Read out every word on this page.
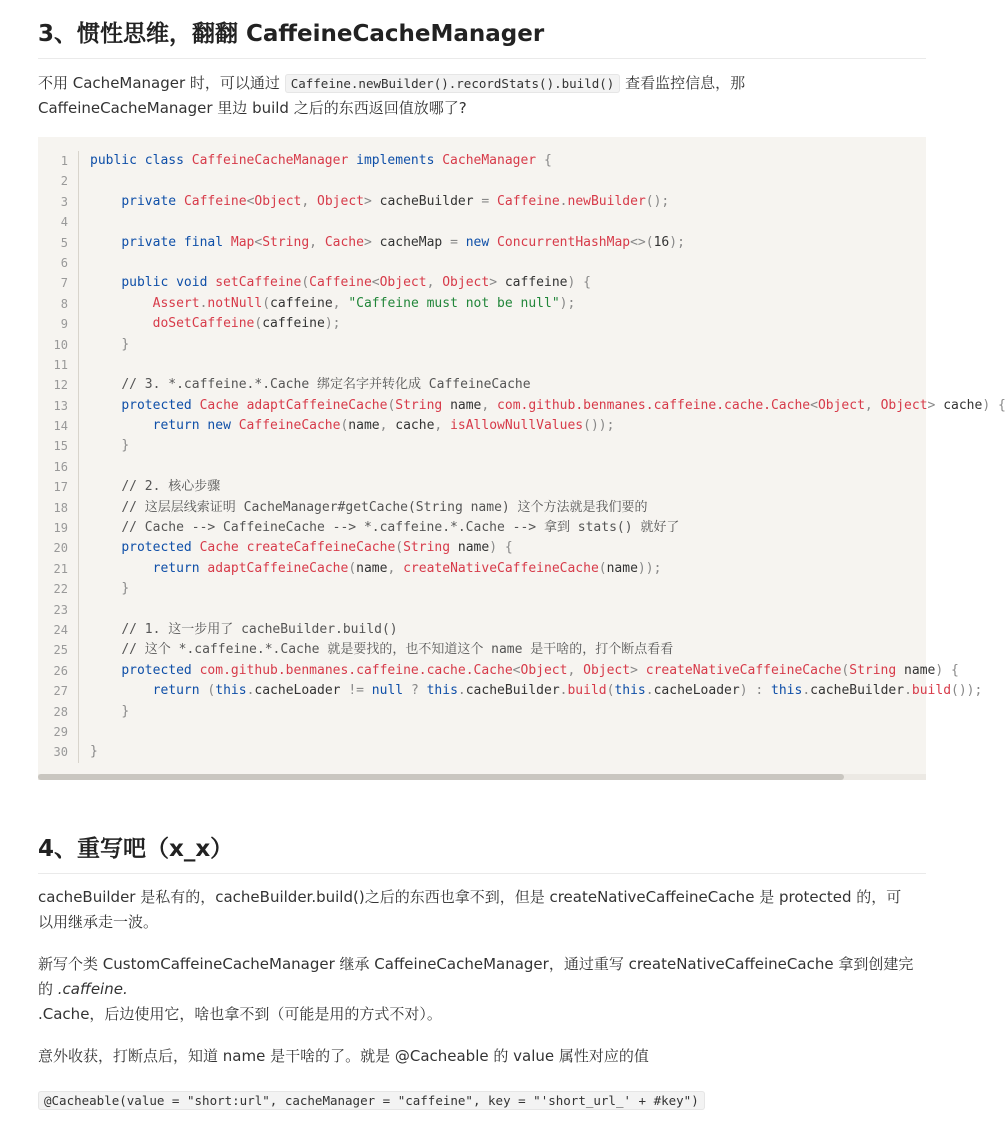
3、惯性思维，翻翻 CaffeineCacheManager

不用 CacheManager 时，可以通过 Caffeine.newBuilder().recordStats().build() 查看监控信息，那
CaffeineCacheManager 里边 build 之后的东西返回值放哪了?

1
2
3
4
5
6
7
8
9
10
11
12
13
14
15
16
17
18
19
20
21
22
23
24
25
26
27
28
29
30
public class CaffeineCacheManager implements CacheManager {

private Caffeine<Object, Object> cacheBuilder = Caffeine.newBuilder();

private final Map<String, Cache> cacheMap = new ConcurrentHashMap<>(16);

public void setCaffeine(Caffeine<Object, Object> caffeine) {
Assert.notNull(caffeine, "Caffeine must not be null");
doSetCaffeine(caffeine);
}

// 3. *.caffeine.*.Cache 绑定名字并转化成 CaffeineCache
protected Cache adaptCaffeineCache(String name, com.github.benmanes.caffeine.cache.Cache<Object, Object> cache) {
return new CaffeineCache(name, cache, isAllowNullValues());
}

// 2. 核心步骤
// 这层层线索证明 CacheManager#getCache(String name) 这个方法就是我们要的
// Cache --> CaffeineCache --> *.caffeine.*.Cache --> 拿到 stats() 就好了
protected Cache createCaffeineCache(String name) {
return adaptCaffeineCache(name, createNativeCaffeineCache(name));
}

// 1. 这一步用了 cacheBuilder.build()
// 这个 *.caffeine.*.Cache 就是要找的，也不知道这个 name 是干啥的，打个断点看看
protected com.github.benmanes.caffeine.cache.Cache<Object, Object> createNativeCaffeineCache(String name) {
return (this.cacheLoader != null ? this.cacheBuilder.build(this.cacheLoader) : this.cacheBuilder.build());
}

}
4、重写吧（x_x）

cacheBuilder 是私有的，cacheBuilder.build()之后的东西也拿不到，但是 createNativeCaffeineCache 是 protected 的，可
以用继承走一波。

新写个类 CustomCaffeineCacheManager 继承 CaffeineCacheManager，通过重写 createNativeCaffeineCache 拿到创建完
的 .caffeine.
.Cache，后边使用它，啥也拿不到（可能是用的方式不对）。

意外收获，打断点后，知道 name 是干啥的了。就是 @Cacheable 的 value 属性对应的值

@Cacheable(value = "short:url", cacheManager = "caffeine", key = "'short_url_' + #key")
